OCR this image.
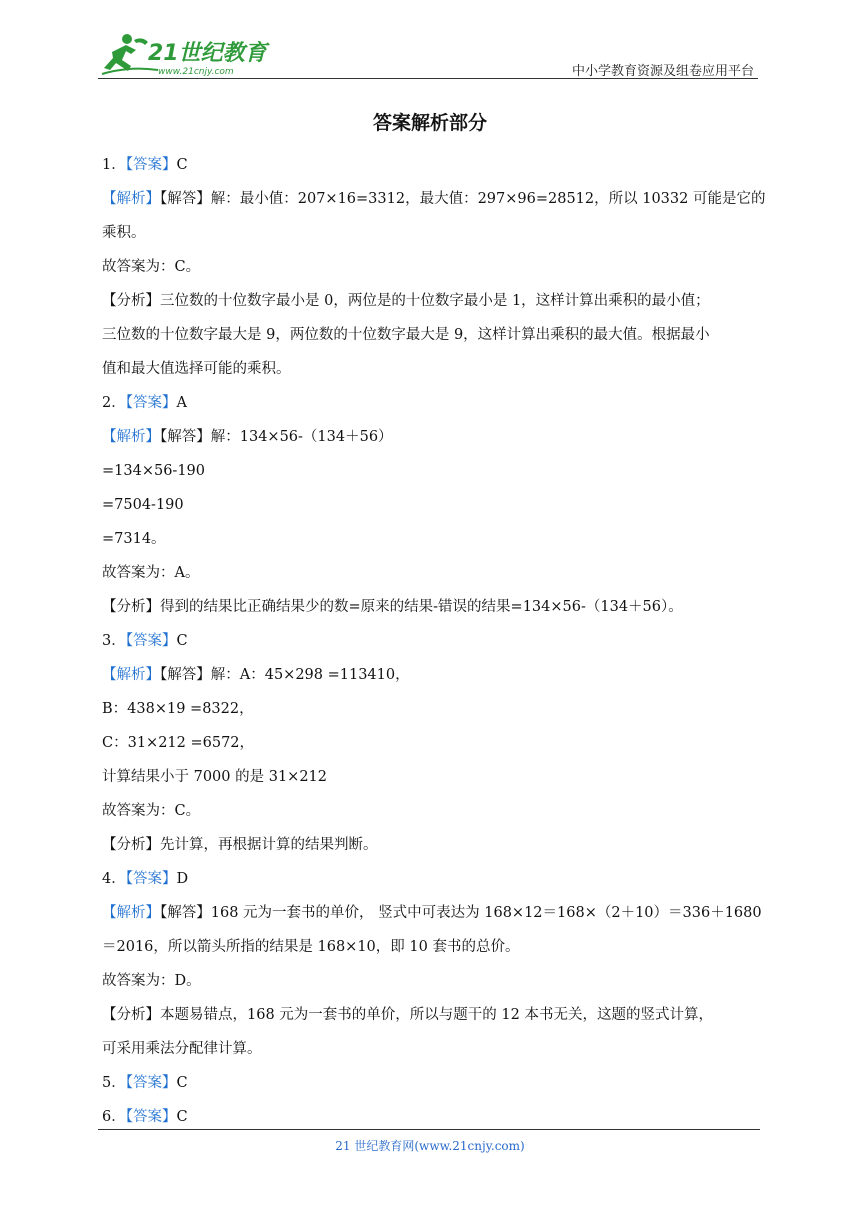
21世纪教育
www.21cnjy.com	中小学教育资源及组卷应用平台
答案解析部分
1．【答案】C
【解析】【解答】解：最小值：207×16=3312，最大值：297×96=28512，所以 10332 可能是它的
乘积。
故答案为：C。
【分析】三位数的十位数字最小是 0，两位是的十位数字最小是 1，这样计算出乘积的最小值；
三位数的十位数字最大是 9，两位数的十位数字最大是 9，这样计算出乘积的最大值。根据最小
值和最大值选择可能的乘积。
2．【答案】A
【解析】【解答】解：134×56-（134＋56）
=134×56-190
=7504-190
=7314。
故答案为：A。
【分析】得到的结果比正确结果少的数=原来的结果-错误的结果=134×56-（134＋56）。
3．【答案】C
【解析】【解答】解：A：45×298 =113410，
B：438×19 =8322，
C：31×212 =6572，
计算结果小于 7000 的是 31×212
故答案为：C。
【分析】先计算，再根据计算的结果判断。
4．【答案】D
【解析】【解答】168 元为一套书的单价， 竖式中可表达为 168×12＝168×（2＋10）＝336＋1680
＝2016，所以箭头所指的结果是 168×10，即 10 套书的总价。
故答案为：D。
【分析】本题易错点，168 元为一套书的单价，所以与题干的 12 本书无关，这题的竖式计算，
可采用乘法分配律计算。
5．【答案】C
6．【答案】C
21 世纪教育网(www.21cnjy.com)
